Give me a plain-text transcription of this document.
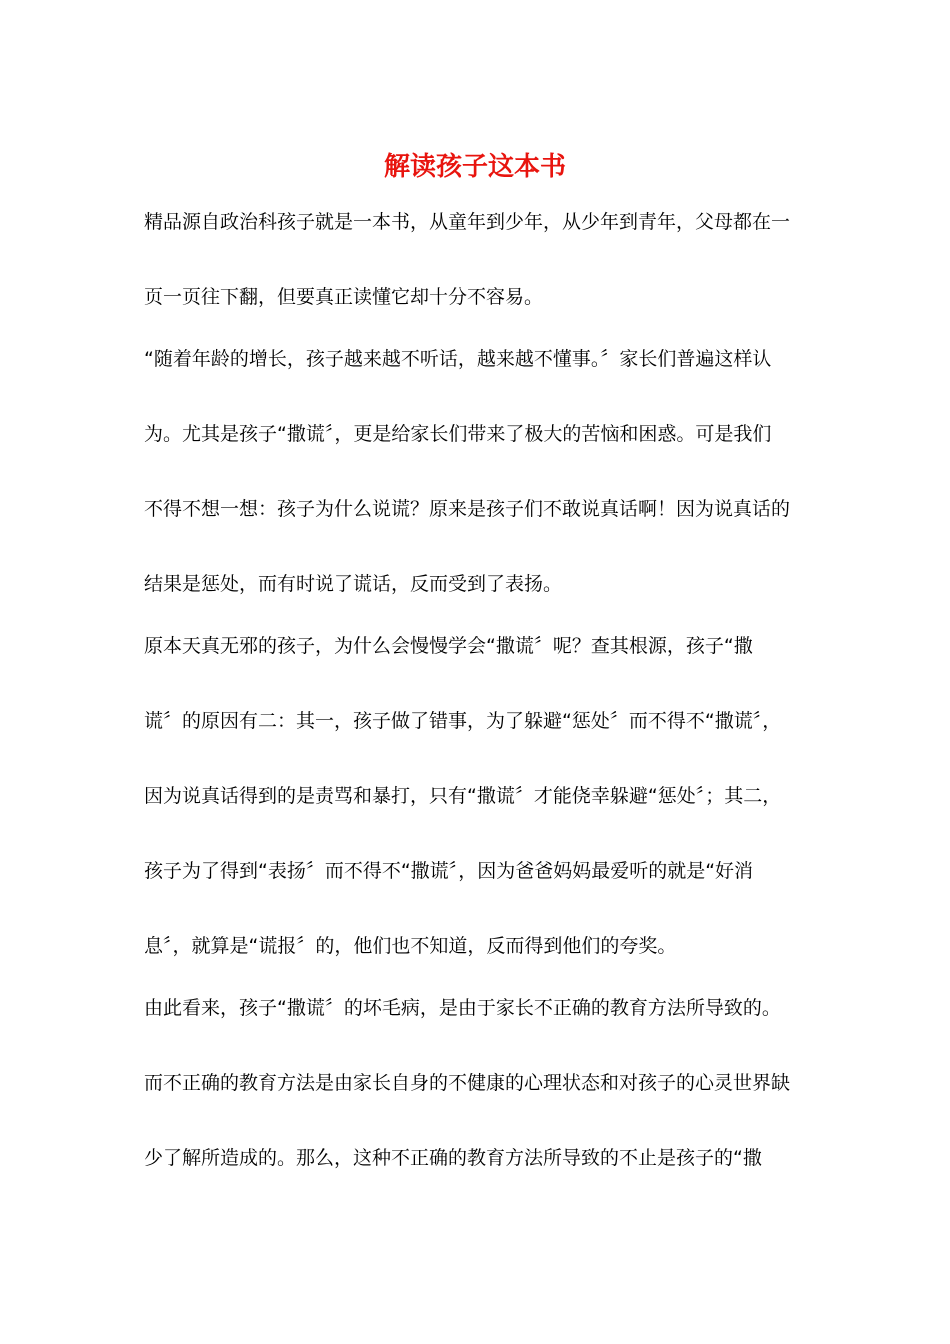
解读孩子这本书
精品源自政治科孩子就是一本书，从童年到少年，从少年到青年，父母都在一
页一页往下翻，但要真正读懂它却十分不容易。
“随着年龄的增长，孩子越来越不听话，越来越不懂事。〞家长们普遍这样认
为。尤其是孩子“撒谎〞，更是给家长们带来了极大的苦恼和困惑。可是我们
不得不想一想：孩子为什么说谎？原来是孩子们不敢说真话啊！因为说真话的
结果是惩处，而有时说了谎话，反而受到了表扬。
原本天真无邪的孩子，为什么会慢慢学会“撒谎〞呢？查其根源，孩子“撒
谎〞的原因有二：其一，孩子做了错事，为了躲避“惩处〞而不得不“撒谎〞，
因为说真话得到的是责骂和暴打，只有“撒谎〞才能侥幸躲避“惩处〞；其二，
孩子为了得到“表扬〞而不得不“撒谎〞，因为爸爸妈妈最爱听的就是“好消
息〞，就算是“谎报〞的，他们也不知道，反而得到他们的夸奖。
由此看来，孩子“撒谎〞的坏毛病，是由于家长不正确的教育方法所导致的。
而不正确的教育方法是由家长自身的不健康的心理状态和对孩子的心灵世界缺
少了解所造成的。那么，这种不正确的教育方法所导致的不止是孩子的“撒
